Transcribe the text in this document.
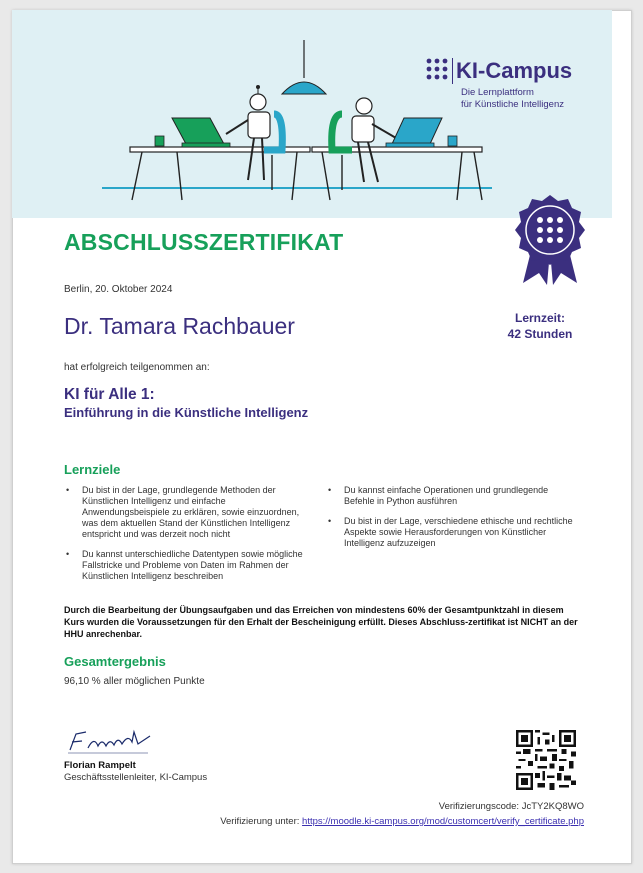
KI-Campus
Die Lernplattform
für Künstliche Intelligenz
ABSCHLUSSZERTIFIKAT
Berlin, 20. Oktober 2024
Lernzeit:
42 Stunden
Dr. Tamara Rachbauer
hat erfolgreich teilgenommen an:
KI für Alle 1:
Einführung in die Künstliche Intelligenz
Lernziele
• Du bist in der Lage, grundlegende Methoden der Künstlichen Intelligenz und einfache Anwendungsbeispiele zu erklären, sowie einzuordnen, was dem aktuellen Stand der Künstlichen Intelligenz entspricht und was derzeit noch nicht
• Du kannst unterschiedliche Datentypen sowie mögliche Fallstricke und Probleme von Daten im Rahmen der Künstlichen Intelligenz beschreiben
• Du kannst einfache Operationen und grundlegende Befehle in Python ausführen
• Du bist in der Lage, verschiedene ethische und rechtliche Aspekte sowie Herausforderungen von Künstlicher Intelligenz aufzuzeigen
Durch die Bearbeitung der Übungsaufgaben und das Erreichen von mindestens 60% der Gesamtpunktzahl in diesem Kurs wurden die Voraussetzungen für den Erhalt der Bescheinigung erfüllt. Dieses Abschluss-zertifikat ist NICHT an der HHU anrechenbar.
Gesamtergebnis
96,10 % aller möglichen Punkte
Florian Rampelt
Geschäftsstellenleiter, KI-Campus
Verifizierungscode: JcTY2KQ8WO
Verifizierung unter: https://moodle.ki-campus.org/mod/customcert/verify_certificate.php
